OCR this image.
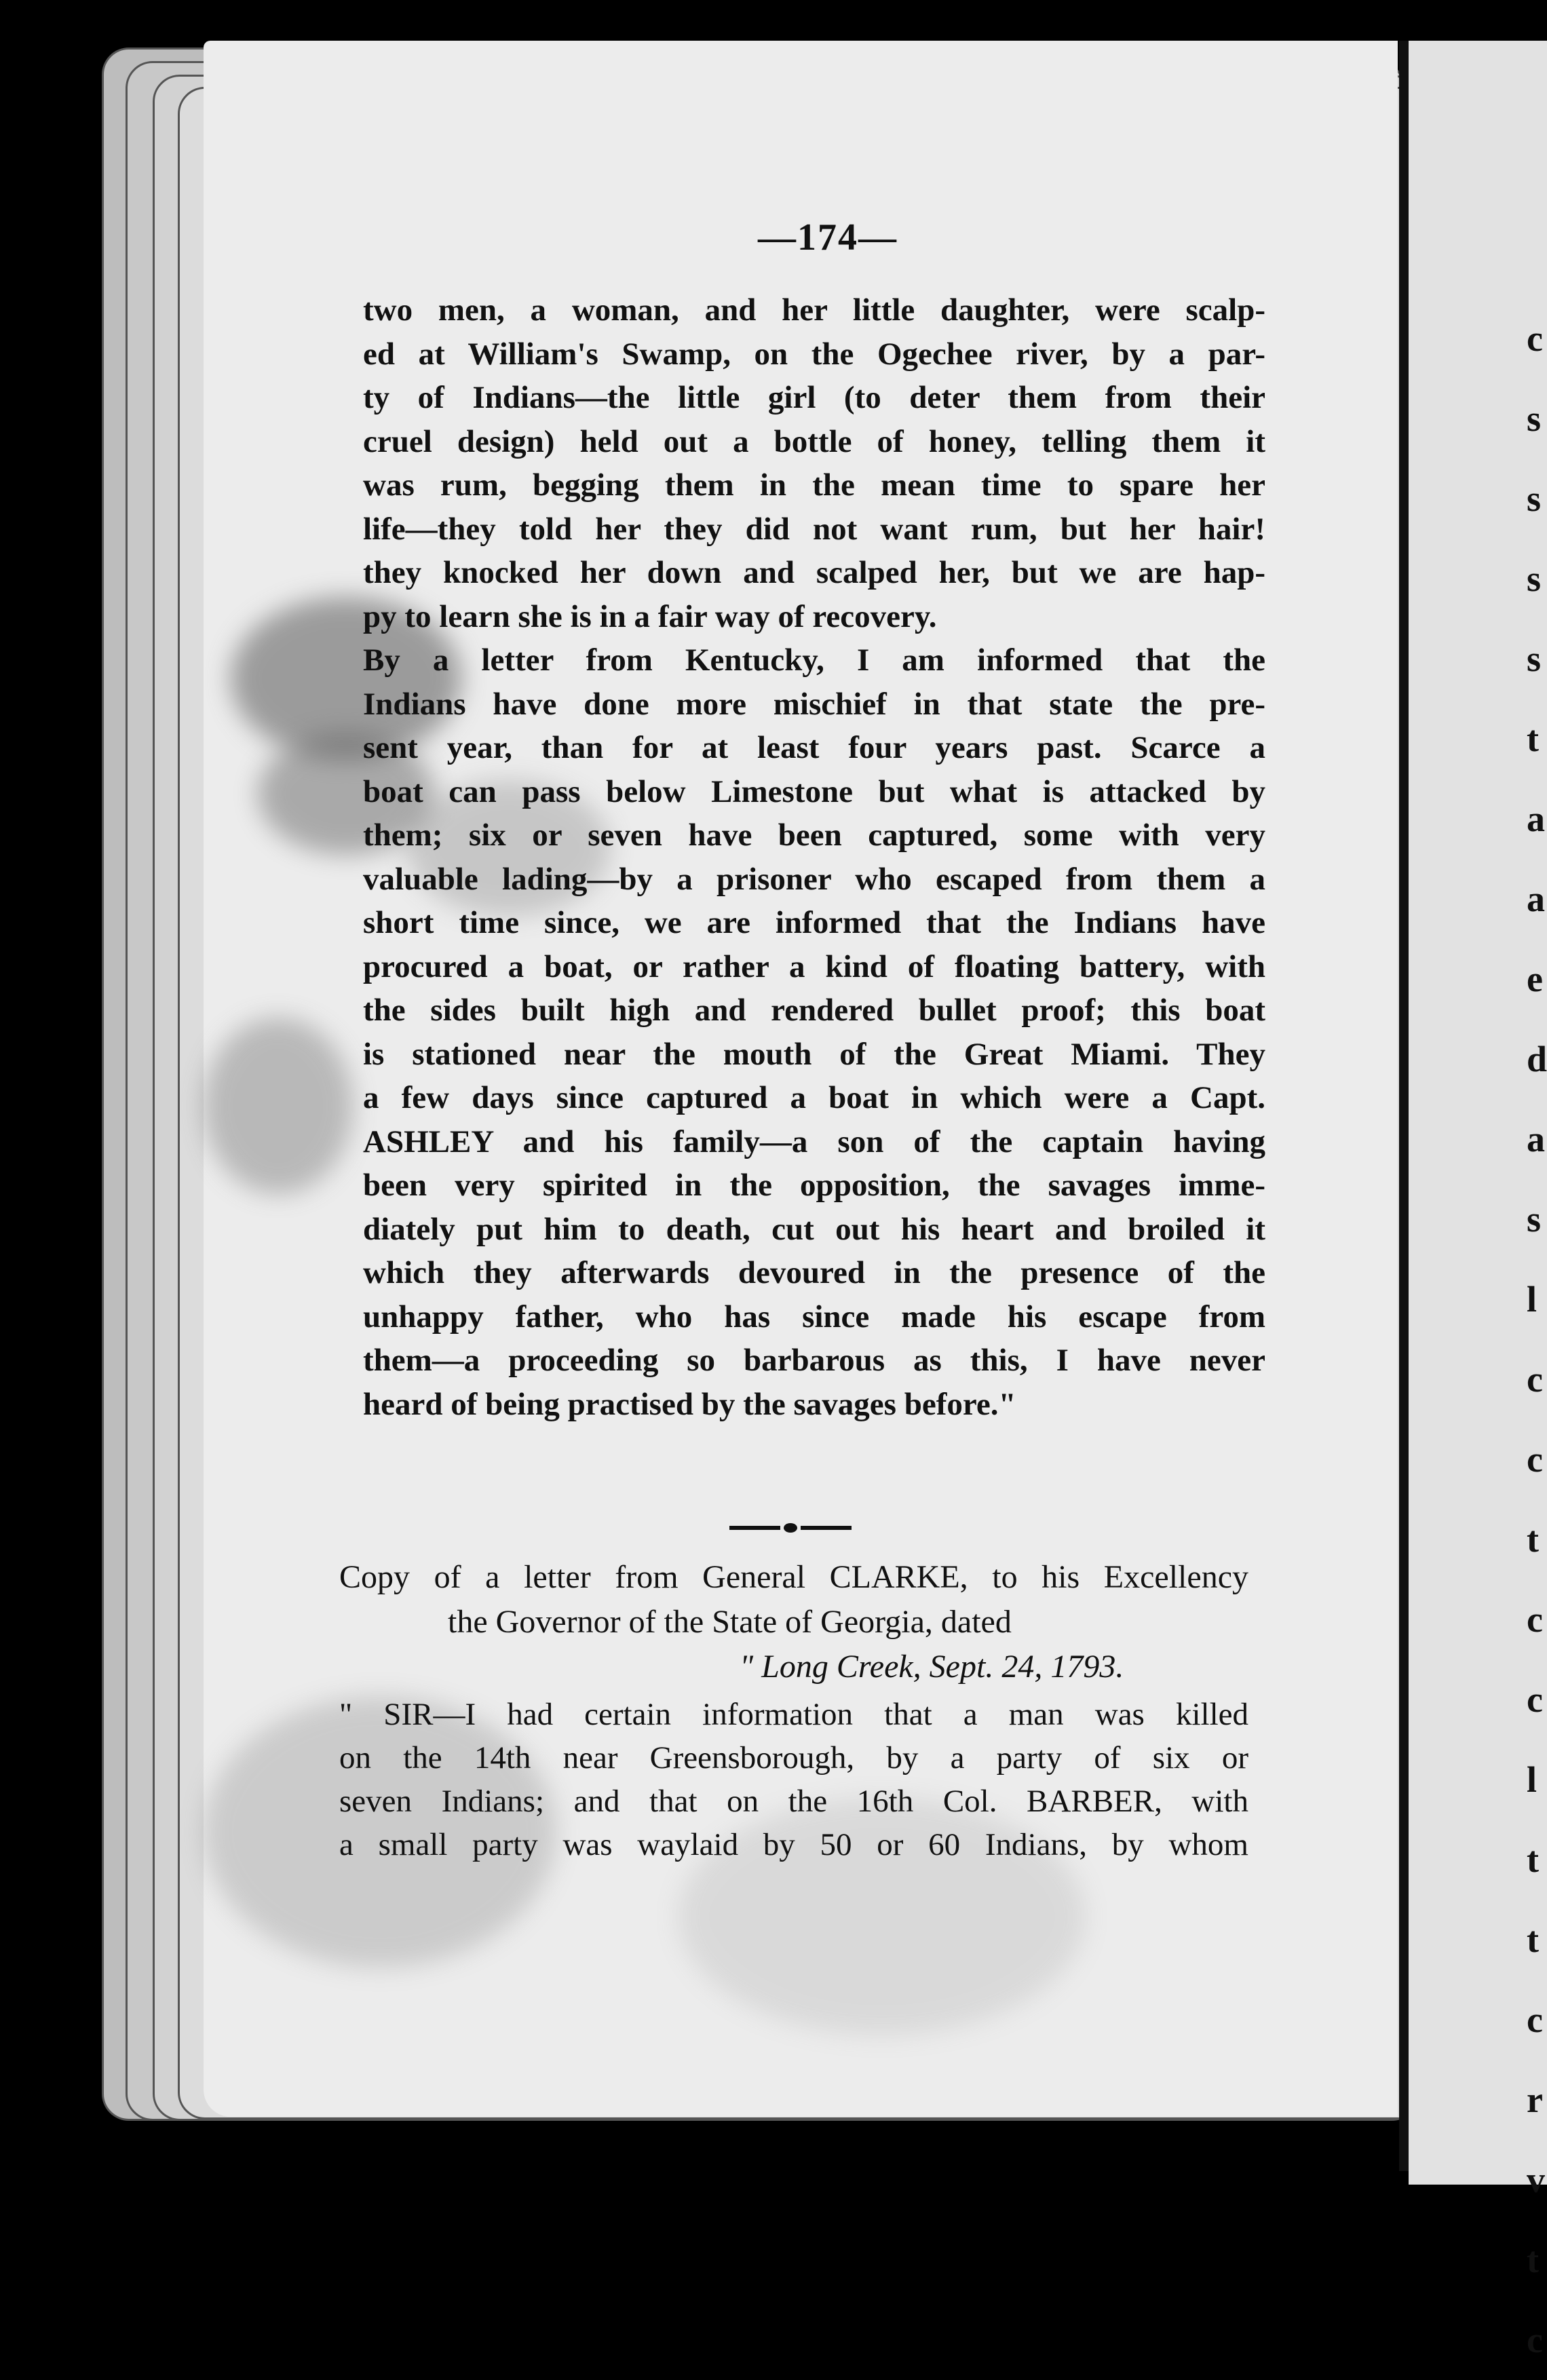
c
s
s
s
s
t
a
a
e
d
a
s
l
c
c
t
c
c
l
t
t
c
r
v
t
c
—174—
two men, a woman, and her little daughter, were scalp-
ed at William's Swamp, on the Ogechee river, by a par-
ty of Indians—the little girl (to deter them from their
cruel design) held out a bottle of honey, telling them it
was rum, begging them in the mean time to spare her
life—they told her they did not want rum, but her hair!
they knocked her down and scalped her, but we are hap-
py to learn she is in a fair way of recovery.
By a letter from Kentucky, I am informed that the
Indians have done more mischief in that state the pre-
sent year, than for at least four years past. Scarce a
boat can pass below Limestone but what is attacked by
them; six or seven have been captured, some with very
valuable lading—by a prisoner who escaped from them a
short time since, we are informed that the Indians have
procured a boat, or rather a kind of floating battery, with
the sides built high and rendered bullet proof; this boat
is stationed near the mouth of the Great Miami. They
a few days since captured a boat in which were a Capt.
ASHLEY and his family—a son of the captain having
been very spirited in the opposition, the savages imme-
diately put him to death, cut out his heart and broiled it
which they afterwards devoured in the presence of the
unhappy father, who has since made his escape from
them—a proceeding so barbarous as this, I have never
heard of being practised by the savages before."
Copy of a letter from General CLARKE, to his Excellency
the Governor of the State of Georgia, dated
" Long Creek, Sept. 24, 1793.
" SIR—I had certain information that a man was killed
on the 14th near Greensborough, by a party of six or
seven Indians; and that on the 16th Col. BARBER, with
a small party was waylaid by 50 or 60 Indians, by whom
